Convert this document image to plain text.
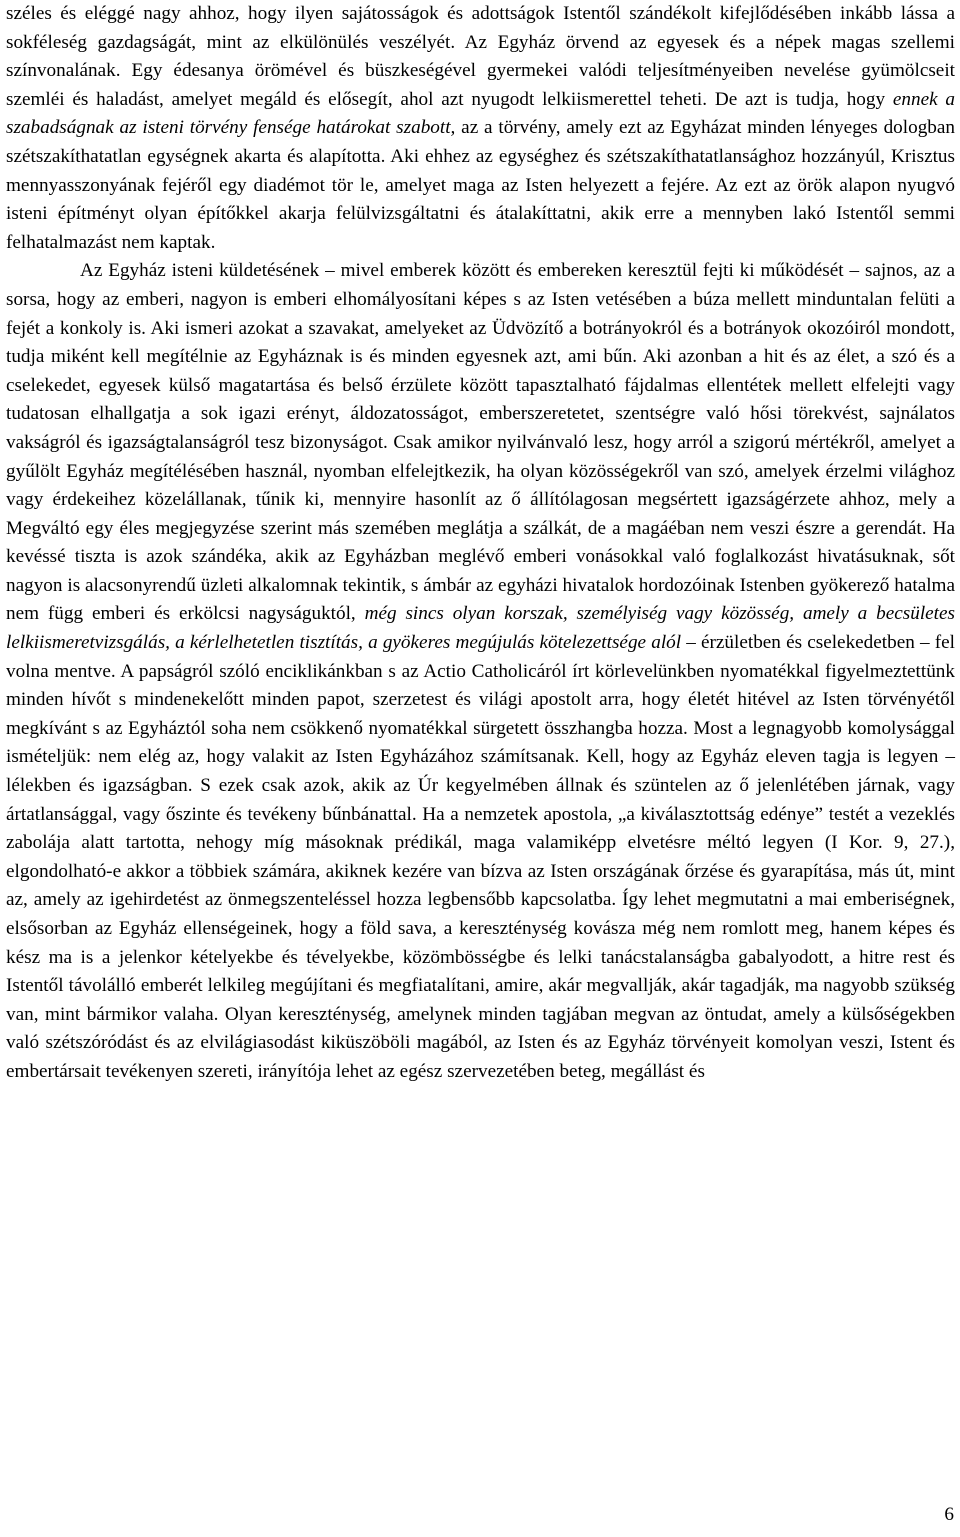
széles és eléggé nagy ahhoz, hogy ilyen sajátosságok és adottságok Istentől szándékolt kifejlődésében inkább lássa a sokféleség gazdagságát, mint az elkülönülés veszélyét. Az Egyház örvend az egyesek és a népek magas szellemi színvonalának. Egy édesanya örömével és büszkeségével gyermekei valódi teljesítményeiben nevelése gyümölcseit szemléi és haladást, amelyet megáld és elősegít, ahol azt nyugodt lelkiismerettel teheti. De azt is tudja, hogy ennek a szabadságnak az isteni törvény fensége határokat szabott, az a törvény, amely ezt az Egyházat minden lényeges dologban szétszakíthatatlan egységnek akarta és alapította. Aki ehhez az egységhez és szétszakíthatatlansághoz hozzányúl, Krisztus mennyasszonyának fejéről egy diadémot tör le, amelyet maga az Isten helyezett a fejére. Az ezt az örök alapon nyugvó isteni építményt olyan építőkkel akarja felülvizsgáltatni és átalakíttatni, akik erre a mennyben lakó Istentől semmi felhatalmazást nem kaptak.

Az Egyház isteni küldetésének – mivel emberek között és embereken keresztül fejti ki működését – sajnos, az a sorsa, hogy az emberi, nagyon is emberi elhomályosítani képes s az Isten vetésében a búza mellett minduntalan felüti a fejét a konkoly is. Aki ismeri azokat a szavakat, amelyeket az Üdvözítő a botrányokról és a botrányok okozóiról mondott, tudja miként kell megítélnie az Egyháznak is és minden egyesnek azt, ami bűn. Aki azonban a hit és az élet, a szó és a cselekedet, egyesek külső magatartása és belső érzülete között tapasztalható fájdalmas ellentétek mellett elfelejti vagy tudatosan elhallgatja a sok igazi erényt, áldozatosságot, emberszeretetet, szentségre való hősi törekvést, sajnálatos vakságról és igazságtalanságról tesz bizonyságot. Csak amikor nyilvánvaló lesz, hogy arról a szigorú mértékről, amelyet a gyűlölt Egyház megítélésében használ, nyomban elfelejtkezik, ha olyan közösségekről van szó, amelyek érzelmi világhoz vagy érdekeihez közelállanak, tűnik ki, mennyire hasonlít az ő állítólagosan megsértett igazságérzete ahhoz, mely a Megváltó egy éles megjegyzése szerint más szemében meglátja a szálkát, de a magáéban nem veszi észre a gerendát. Ha kevéssé tiszta is azok szándéka, akik az Egyházban meglévő emberi vonásokkal való foglalkozást hivatásuknak, sőt nagyon is alacsonyrendű üzleti alkalomnak tekintik, s ámbár az egyházi hivatalok hordozóinak Istenben gyökerező hatalma nem függ emberi és erkölcsi nagyságuktól, még sincs olyan korszak, személyiség vagy közösség, amely a becsületes lelkiismeretvizsgálás, a kérlelhetetlen tisztítás, a gyökeres megújulás kötelezettsége alól – érzületben és cselekedetben – fel volna mentve. A papságról szóló enciklikánkban s az Actio Catholicáról írt körlevelünkben nyomatékkal figyelmeztettünk minden hívőt s mindenekelőtt minden papot, szerzetest és világi apostolt arra, hogy életét hitével az Isten törvényétől megkívánt s az Egyháztól soha nem csökkenő nyomatékkal sürgetett összhangba hozza. Most a legnagyobb komolysággal ismételjük: nem elég az, hogy valakit az Isten Egyházához számítsanak. Kell, hogy az Egyház eleven tagja is legyen – lélekben és igazságban. S ezek csak azok, akik az Úr kegyelmében állnak és szüntelen az ő jelenlétében járnak, vagy ártatlansággal, vagy őszinte és tevékeny bűnbánattal. Ha a nemzetek apostola, „a kiválasztottság edénye” testét a vezeklés zabolája alatt tartotta, nehogy míg másoknak prédikál, maga valamiképp elvetésre méltó legyen (I Kor. 9, 27.), elgondolható-e akkor a többiek számára, akiknek kezére van bízva az Isten országának őrzése és gyarapítása, más út, mint az, amely az igehirdetést az önmegszenteléssel hozza legbensőbb kapcsolatba. Így lehet megmutatni a mai emberiségnek, elsősorban az Egyház ellenségeinek, hogy a föld sava, a kereszténység kovásza még nem romlott meg, hanem képes és kész ma is a jelenkor kételyekbe és tévelyekbe, közömbösségbe és lelki tanácstalanságba gabalyodott, a hitre rest és Istentől távolálló emberét lelkileg megújítani és megfiatalítani, amire, akár megvallják, akár tagadják, ma nagyobb szükség van, mint bármikor valaha. Olyan kereszténység, amelynek minden tagjában megvan az öntudat, amely a külsőségekben való szétszóródást és az elvilágiasodást kiküszöböli magából, az Isten és az Egyház törvényeit komolyan veszi, Istent és embertársait tevékenyen szereti, irányítója lehet az egész szervezetében beteg, megállást és

6
